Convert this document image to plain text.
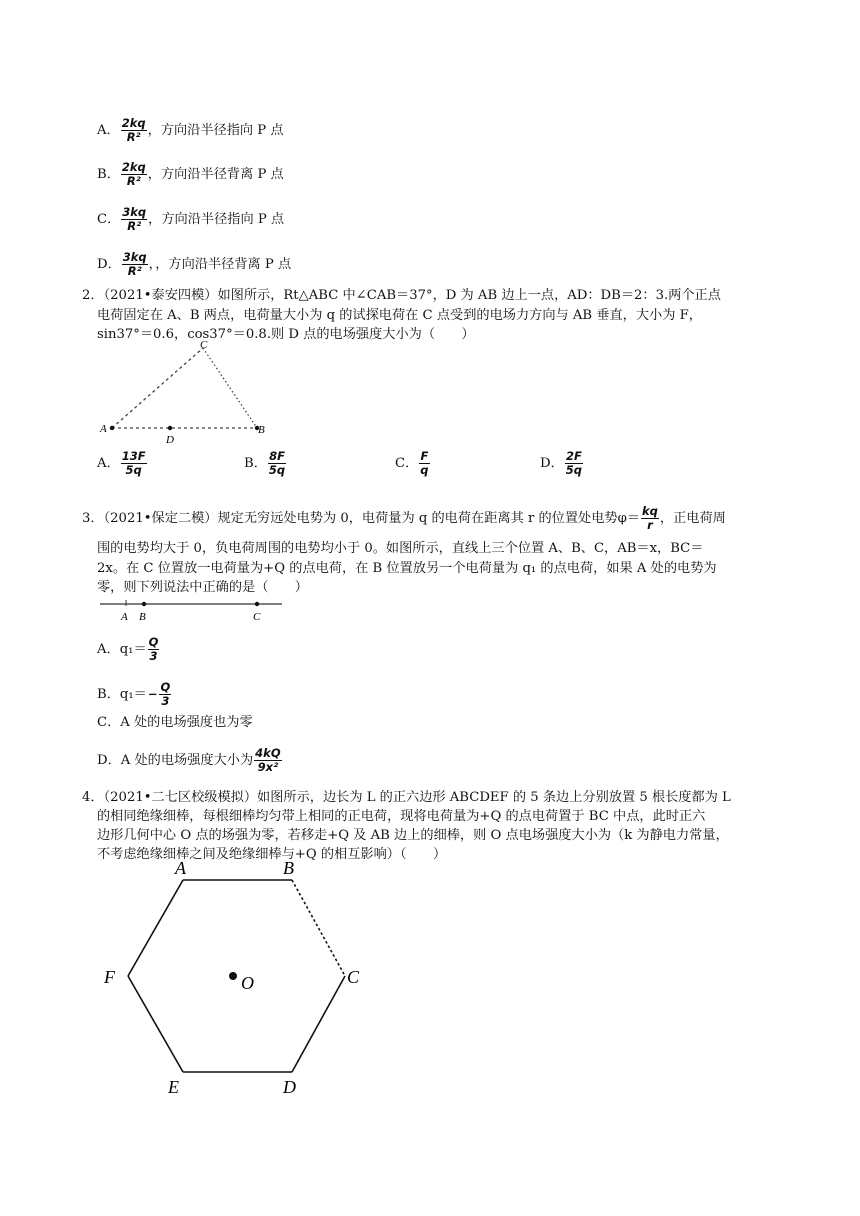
A． $\frac{2kq}{\text{R²}}$ ，方向沿半径指向 P 点
B． $\frac{2kq}{\text{R²}}$ ，方向沿半径背离 P 点
C． $\frac{3kq}{\text{R²}}$ ，方向沿半径指向 P 点
D． $\frac{3kq}{\text{R²}}$ ，，方向沿半径背离 P 点
2．（2021•泰安四模）如图所示，Rt△ABC 中∠CAB＝37°，D 为 AB 边上一点，AD：DB＝2：3.两个正点
电荷固定在 A、B 两点，电荷量大小为 q 的试探电荷在 C 点受到的电场力方向与 AB 垂直，大小为 F，
sin37°＝0.6，cos37°＝0.8.则 D 点的电场强度大小为（　　）
A
D
B
C
A． $\frac{13F}{5q}$	B． $\frac{8F}{5q}$	C． $\frac{F}{q}$	D． $\frac{2F}{5q}$
3．（2021•保定二模）规定无穷远处电势为 0，电荷量为 q 的电荷在距离其 r 的位置处电势$\varphi= \frac{kq}{r}$ ，正电荷周
围的电势均大于 0，负电荷周围的电势均小于 0。如图所示，直线上三个位置 A、B、C，AB＝x，BC＝
2x。在 C 位置放一电荷量为+Q 的点电荷，在 B 位置放另一个电荷量为 q₁ 的点电荷，如果 A 处的电势为
零，则下列说法中正确的是（　　）
A B	C
A．$q_1= \frac{Q}{3}$
B．$q_1=- \frac{Q}{3}$
C．A 处的电场强度也为零
D．A 处的电场强度大小为 $\frac{4kQ}{\text{9x²}}$
4．（2021•二七区校级模拟）如图所示，边长为 L 的正六边形 ABCDEF 的 5 条边上分别放置 5 根长度都为 L
的相同绝缘细棒，每根细棒均匀带上相同的正电荷，现将电荷量为+Q 的点电荷置于 BC 中点，此时正六
边形几何中心 O 点的场强为零，若移走+Q 及 AB 边上的细棒，则 O 点电场强度大小为（k 为静电力常量，
不考虑绝缘细棒之间及绝缘细棒与+Q 的相互影响）（　　）
A	B
C
D
E
F	O
